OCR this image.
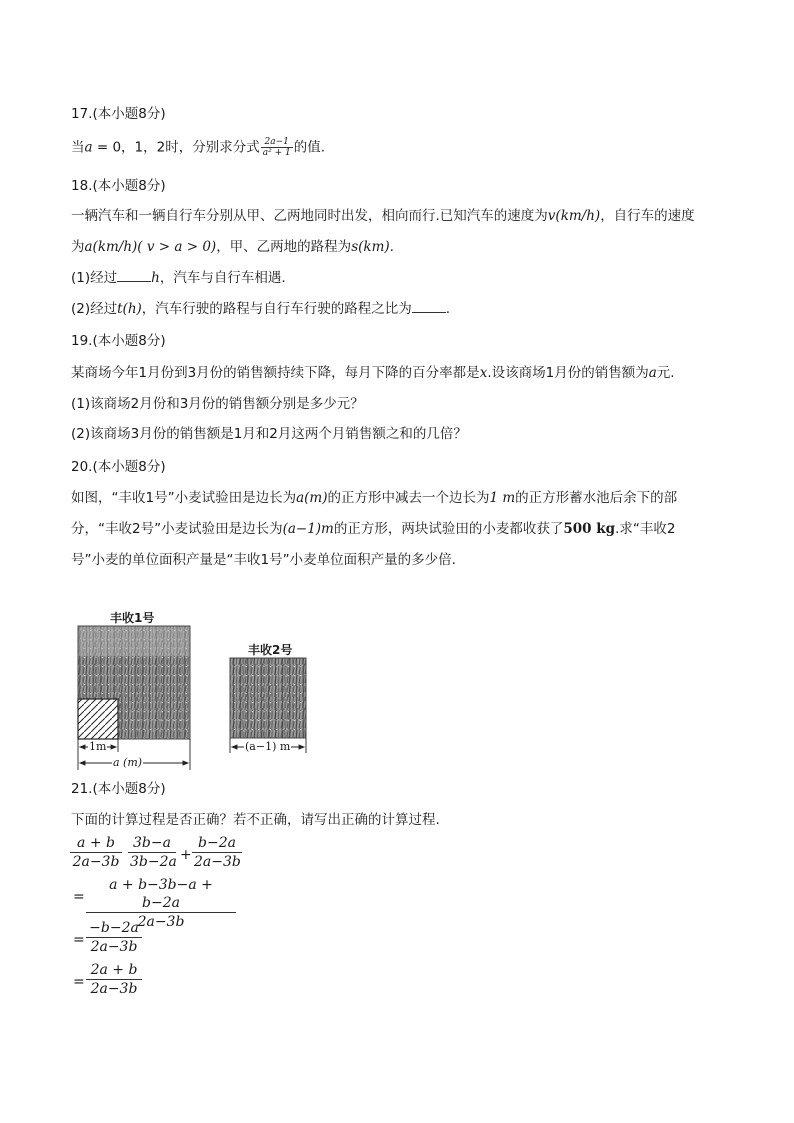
17.(本小题8分)
当a = 0，1，2时，分别求分式 $\frac{2a-1}{\text{a² + 1}}$ 的值.
18.(本小题8分)
一辆汽车和一辆自行车分别从甲、乙两地同时出发，相向而行.已知汽车的速度为v(km/h)，自行车的速度
为a(km/h)( v > a > 0)，甲、乙两地的路程为s(km).
(1)经过	h，汽车与自行车相遇.
(2)经过t(h)，汽车行驶的路程与自行车行驶的路程之比为	.
19.(本小题8分)
某商场今年1月份到3月份的销售额持续下降，每月下降的百分率都是x.设该商场1月份的销售额为a元.
(1)该商场2月份和3月份的销售额分别是多少元？
(2)该商场3月份的销售额是1月和2月这两个月销售额之和的几倍？
20.(本小题8分)
如图，“丰收1号”小麦试验田是边长为a(m)的正方形中减去一个边长为1 m的正方形蓄水池后余下的部
分，“丰收2号”小麦试验田是边长为(a−1)m的正方形，两块试验田的小麦都收获了500 kg.求“丰收2
号”小麦的单位面积产量是“丰收1号”小麦单位面积产量的多少倍.
丰收1号
丰收2号
1m
a (m)
(a−1) m
21.(本小题8分)
下面的计算过程是否正确？若不正确，请写出正确的计算过程.
$\frac{a + b}{2a-3b} \frac{3b-a}{3b-2a} + \frac{b-2a}{2a-3b}$
= $\frac{a + b-3b-a + b-2a}{2a-3b}$
= $\frac{-b-2a}{2a-3b}$
= $\frac{2a + b}{2a-3b}$
